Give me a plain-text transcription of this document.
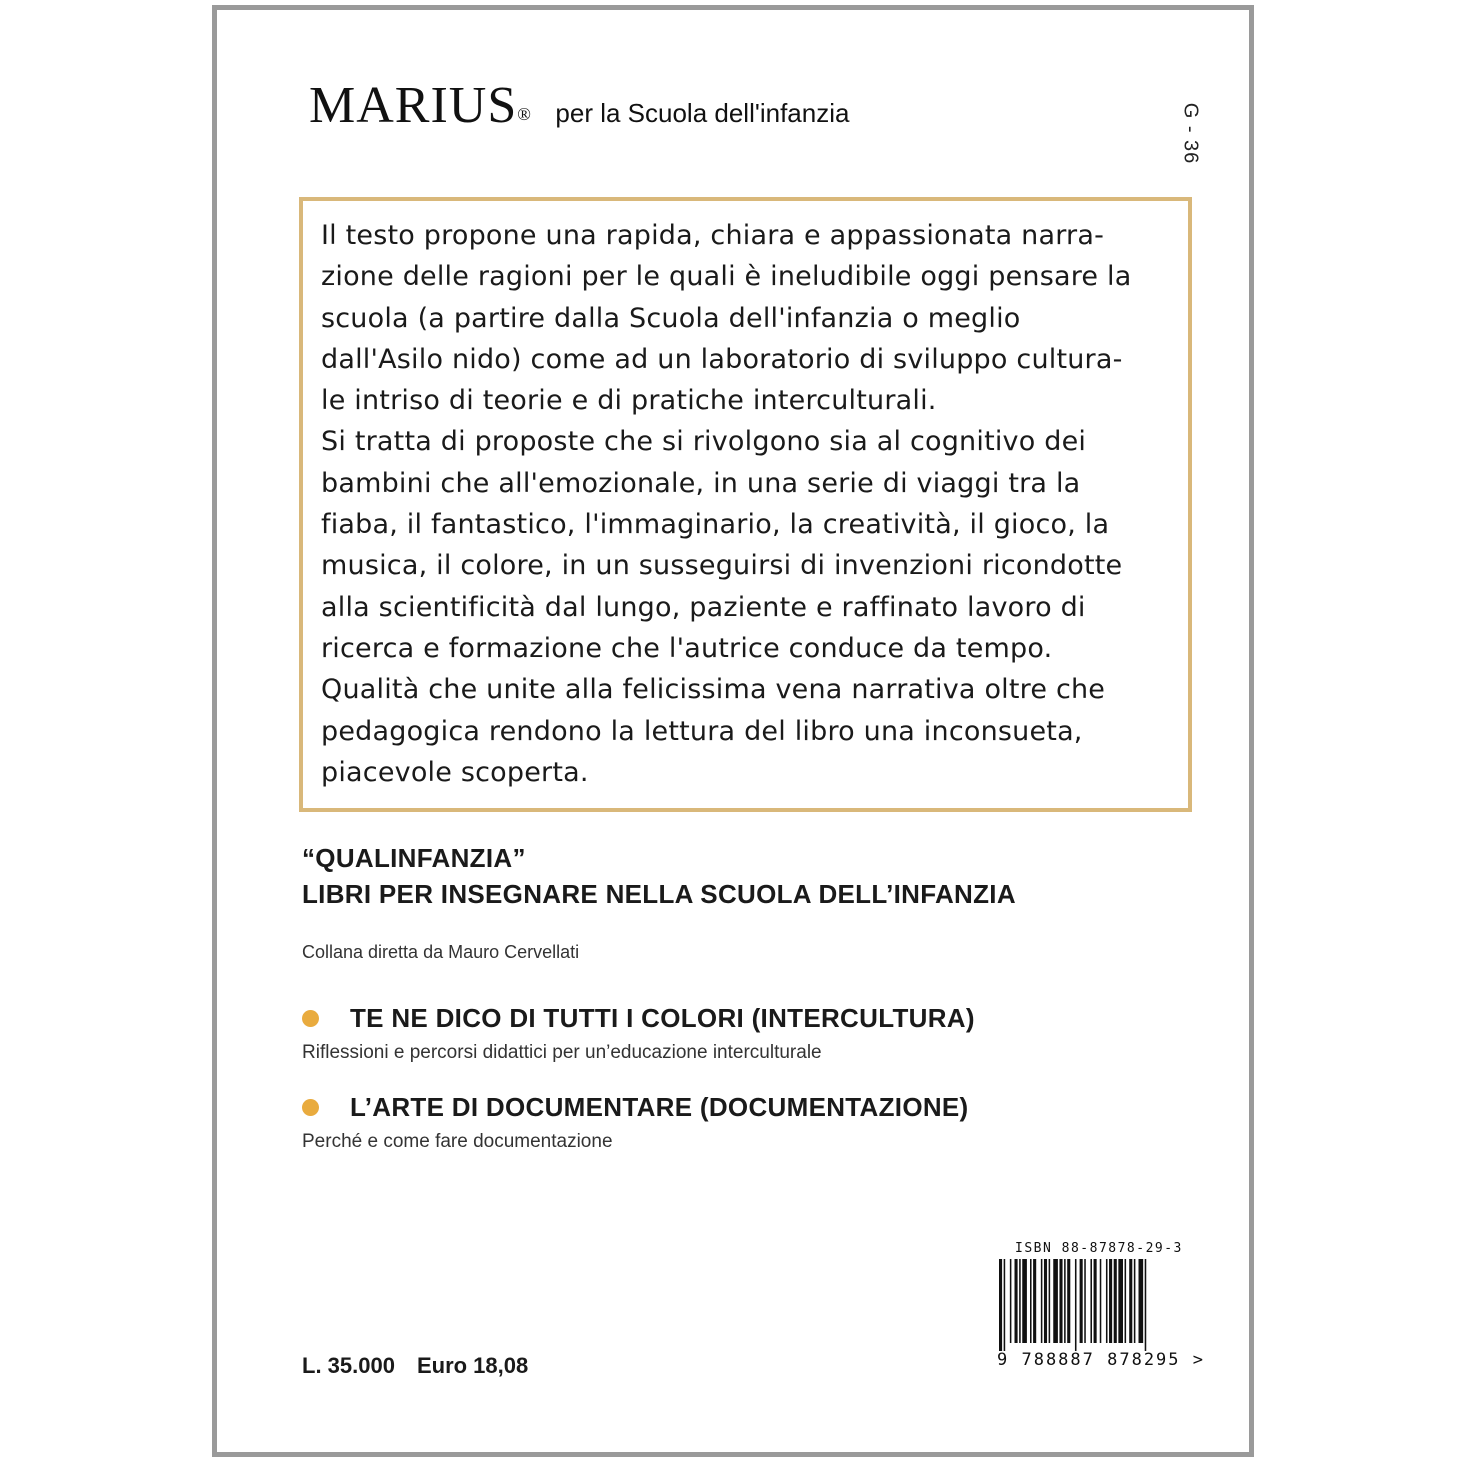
MARIUS® per la Scuola dell'infanzia	G - 36
Il testo propone una rapida, chiara e appassionata narra-
zione delle ragioni per le quali è ineludibile oggi pensare la
scuola (a partire dalla Scuola dell'infanzia o meglio
dall'Asilo nido) come ad un laboratorio di sviluppo cultura-
le intriso di teorie e di pratiche interculturali.
Si tratta di proposte che si rivolgono sia al cognitivo dei
bambini che all'emozionale, in una serie di viaggi tra la
fiaba, il fantastico, l'immaginario, la creatività, il gioco, la
musica, il colore, in un susseguirsi di invenzioni ricondotte
alla scientificità dal lungo, paziente e raffinato lavoro di
ricerca e formazione che l'autrice conduce da tempo.
Qualità che unite alla felicissima vena narrativa oltre che
pedagogica rendono la lettura del libro una inconsueta,
piacevole scoperta.
“QUALINFANZIA”
LIBRI PER INSEGNARE NELLA SCUOLA DELL’INFANZIA
Collana diretta da Mauro Cervellati
TE NE DICO DI TUTTI I COLORI (INTERCULTURA)
Riflessioni e percorsi didattici per un’educazione interculturale
L’ARTE DI DOCUMENTARE (DOCUMENTAZIONE)
Perché e come fare documentazione
ISBN 88-87878-29-3
9 788887 878295 >
L. 35.000 Euro 18,08
